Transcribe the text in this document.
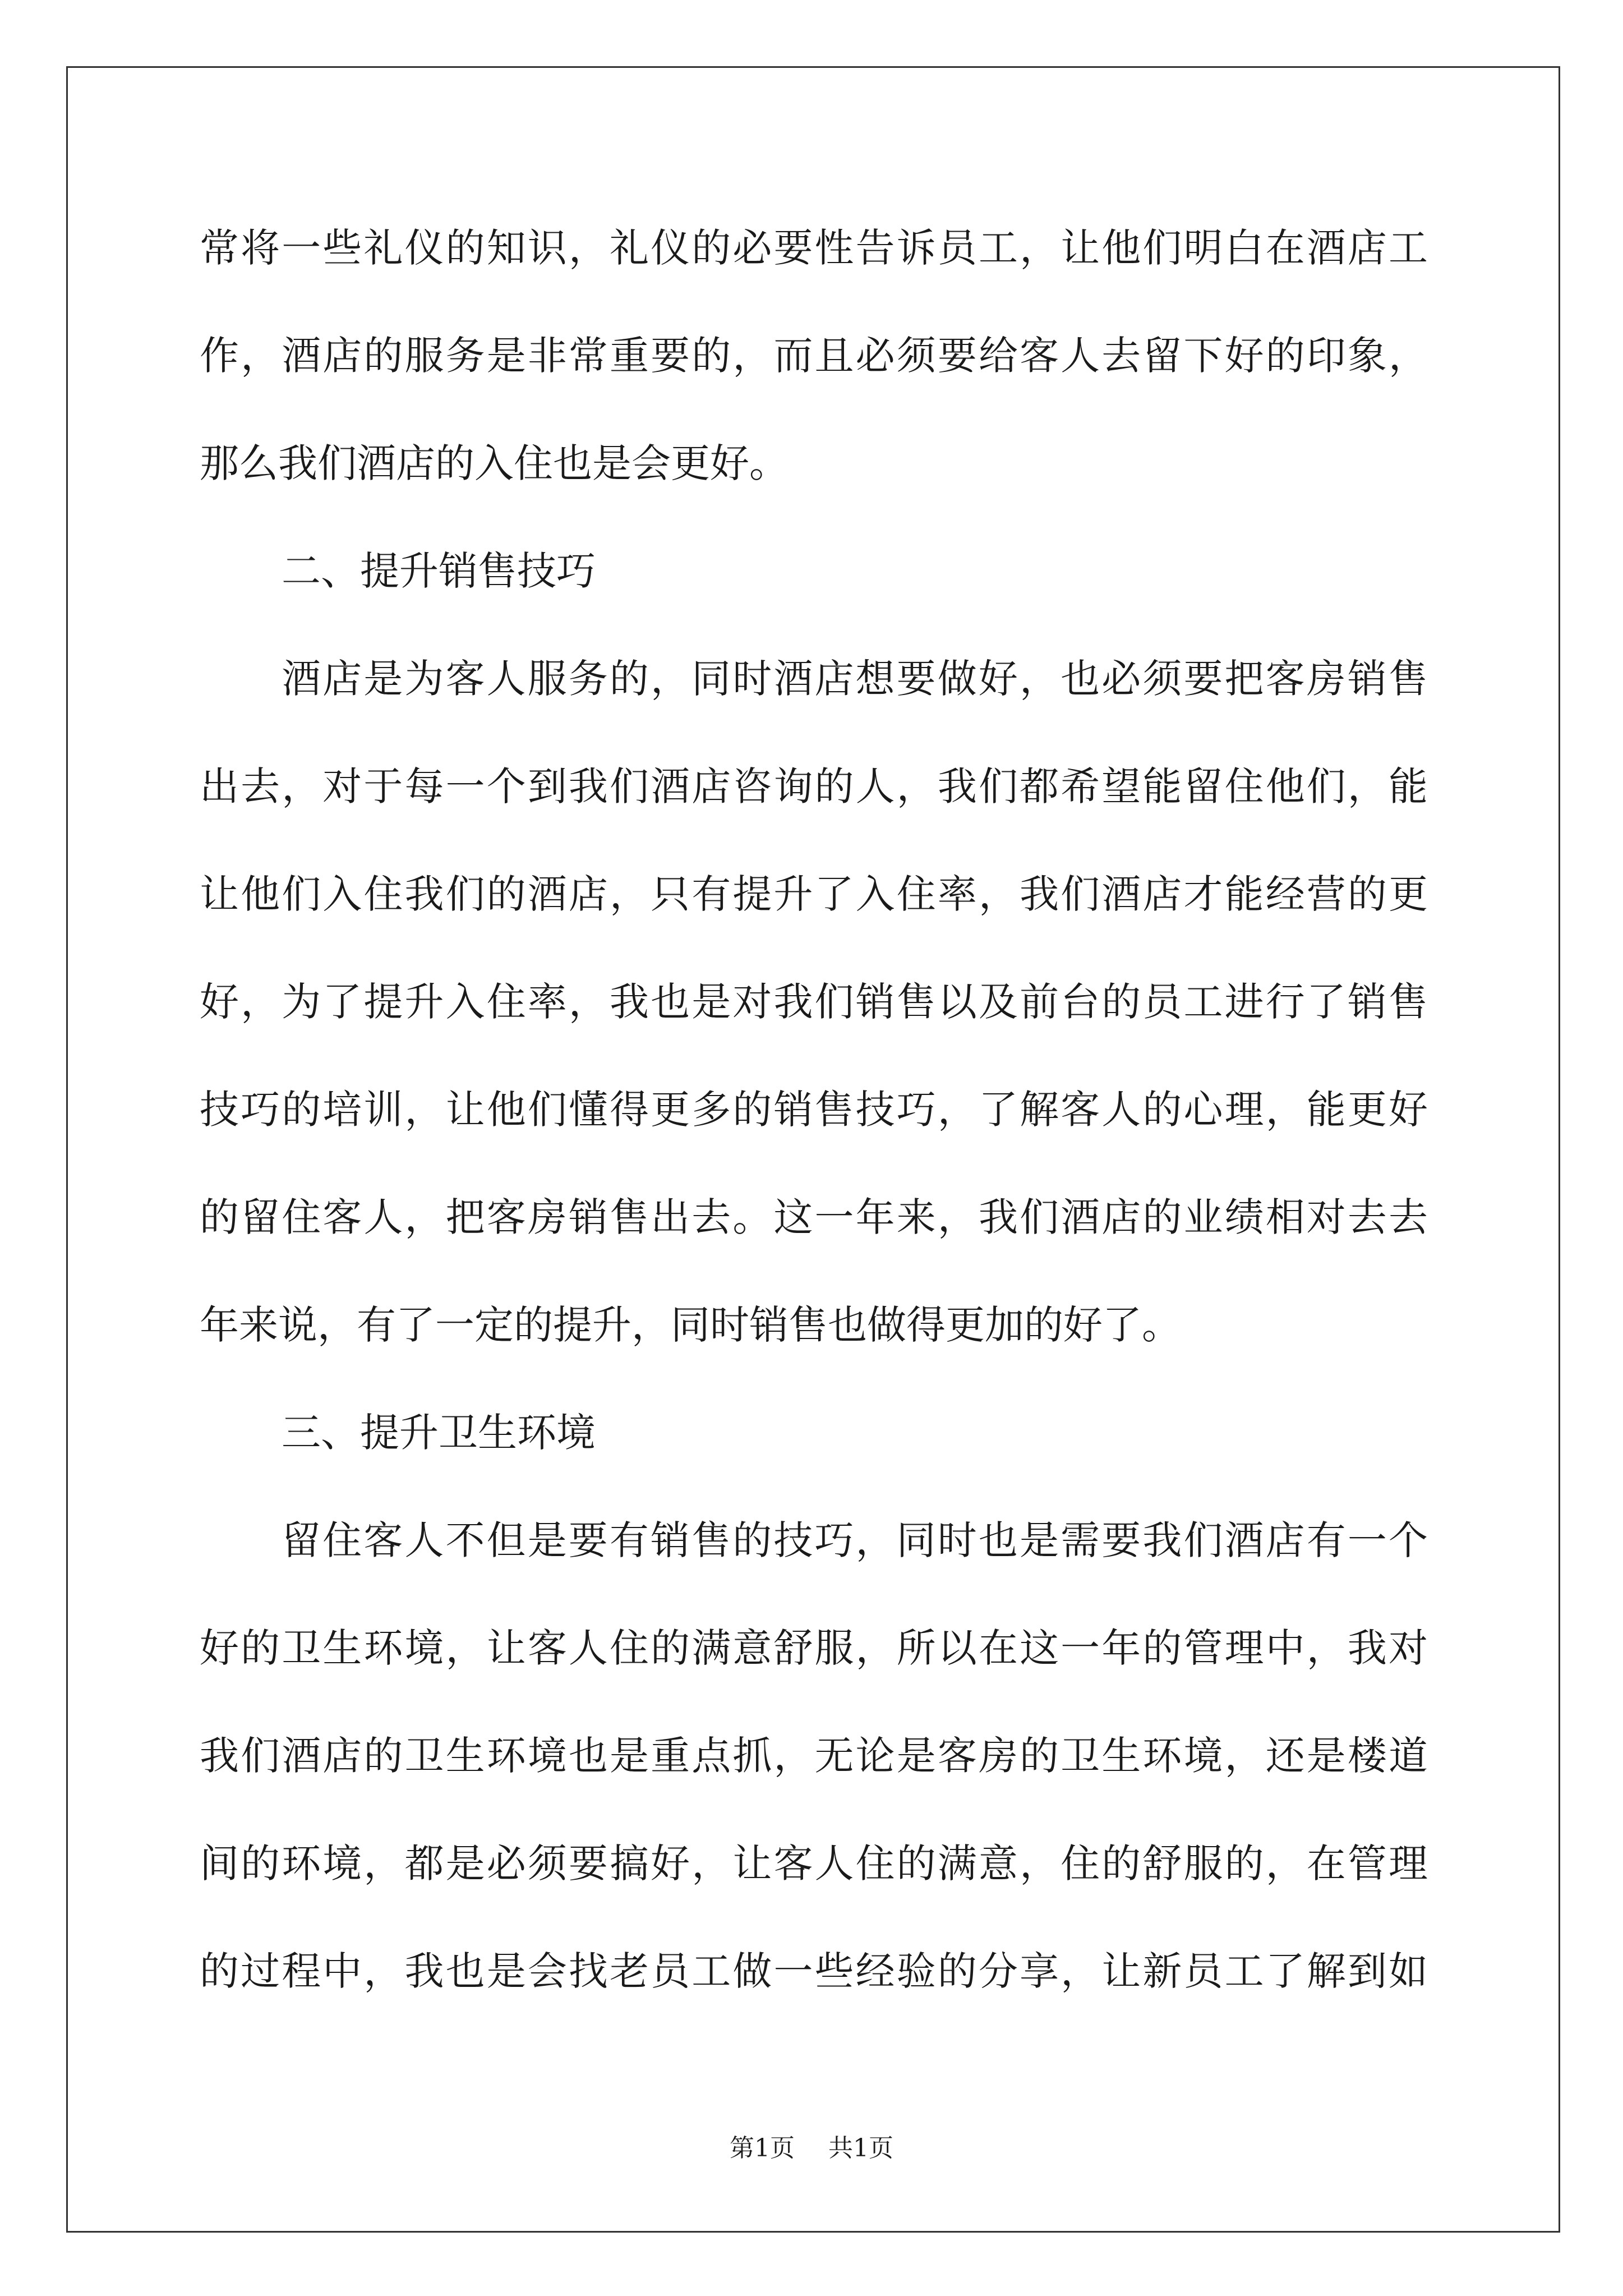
常将一些礼仪的知识，礼仪的必要性告诉员工，让他们明白在酒店工
作，酒店的服务是非常重要的，而且必须要给客人去留下好的印象，
那么我们酒店的入住也是会更好。
二、提升销售技巧
酒店是为客人服务的，同时酒店想要做好，也必须要把客房销售
出去，对于每一个到我们酒店咨询的人，我们都希望能留住他们，能
让他们入住我们的酒店，只有提升了入住率，我们酒店才能经营的更
好，为了提升入住率，我也是对我们销售以及前台的员工进行了销售
技巧的培训，让他们懂得更多的销售技巧，了解客人的心理，能更好
的留住客人，把客房销售出去。这一年来，我们酒店的业绩相对去去
年来说，有了一定的提升，同时销售也做得更加的好了。
三、提升卫生环境
留住客人不但是要有销售的技巧，同时也是需要我们酒店有一个
好的卫生环境，让客人住的满意舒服，所以在这一年的管理中，我对
我们酒店的卫生环境也是重点抓，无论是客房的卫生环境，还是楼道
间的环境，都是必须要搞好，让客人住的满意，住的舒服的，在管理
的过程中，我也是会找老员工做一些经验的分享，让新员工了解到如
第1页 共1页
